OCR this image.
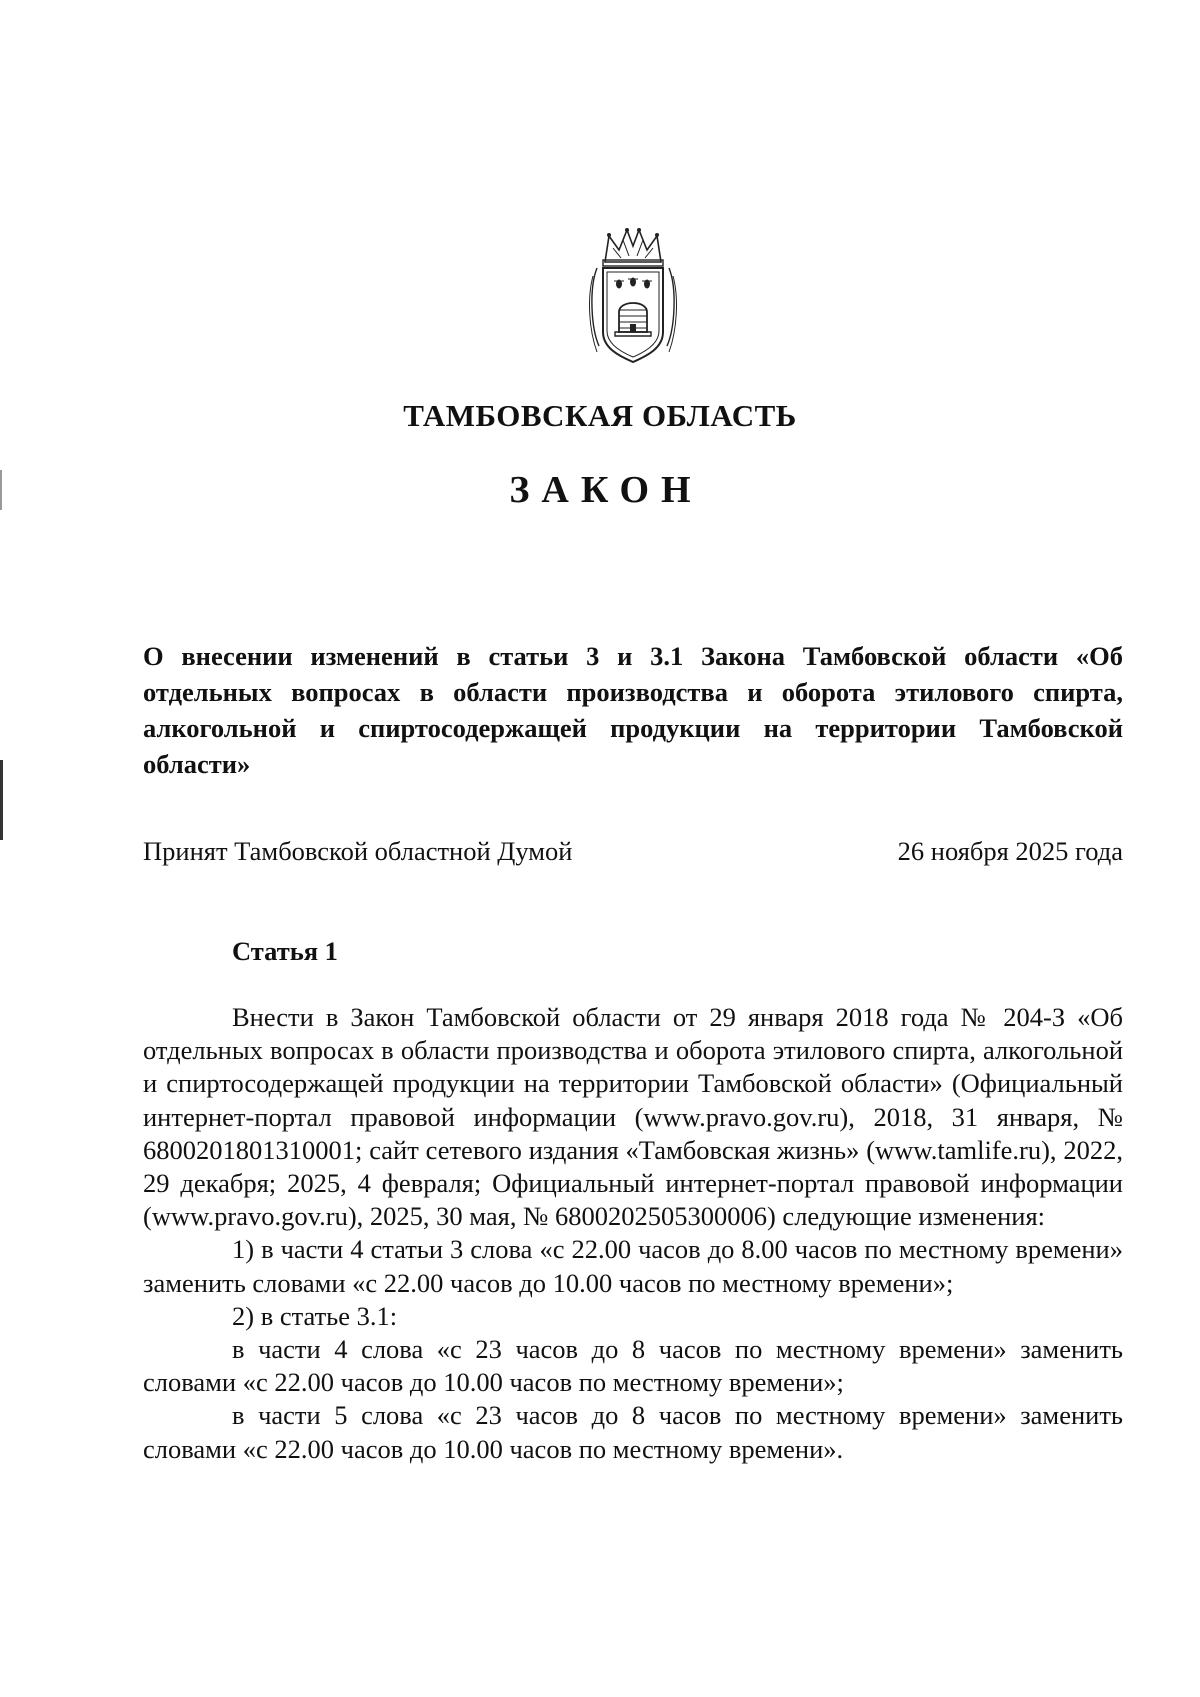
ТАМБОВСКАЯ ОБЛАСТЬ
ЗАКОН
О внесении изменений в статьи 3 и 3.1 Закона Тамбовской области «Об отдельных вопросах в области производства и оборота этилового спирта, алкогольной и спиртосодержащей продукции на территории Тамбовской области»
Принят Тамбовской областной Думой	26 ноября 2025 года
Статья 1

Внести в Закон Тамбовской области от 29 января 2018 года № 204-З «Об отдельных вопросах в области производства и оборота этилового спирта, алкогольной и спиртосодержащей продукции на территории Тамбовской области» (Официальный интернет-портал правовой информации (www.pravo.gov.ru), 2018, 31 января, № 6800201801310001; сайт сетевого издания «Тамбовская жизнь» (www.tamlife.ru), 2022, 29 декабря; 2025, 4 февраля; Официальный интернет-портал правовой информации (www.pravo.gov.ru), 2025, 30 мая, № 6800202505300006) следующие изменения:

1) в части 4 статьи 3 слова «с 22.00 часов до 8.00 часов по местному времени» заменить словами «с 22.00 часов до 10.00 часов по местному времени»;

2) в статье 3.1:

в части 4 слова «с 23 часов до 8 часов по местному времени» заменить словами «с 22.00 часов до 10.00 часов по местному времени»;

в части 5 слова «с 23 часов до 8 часов по местному времени» заменить словами «с 22.00 часов до 10.00 часов по местному времени».
